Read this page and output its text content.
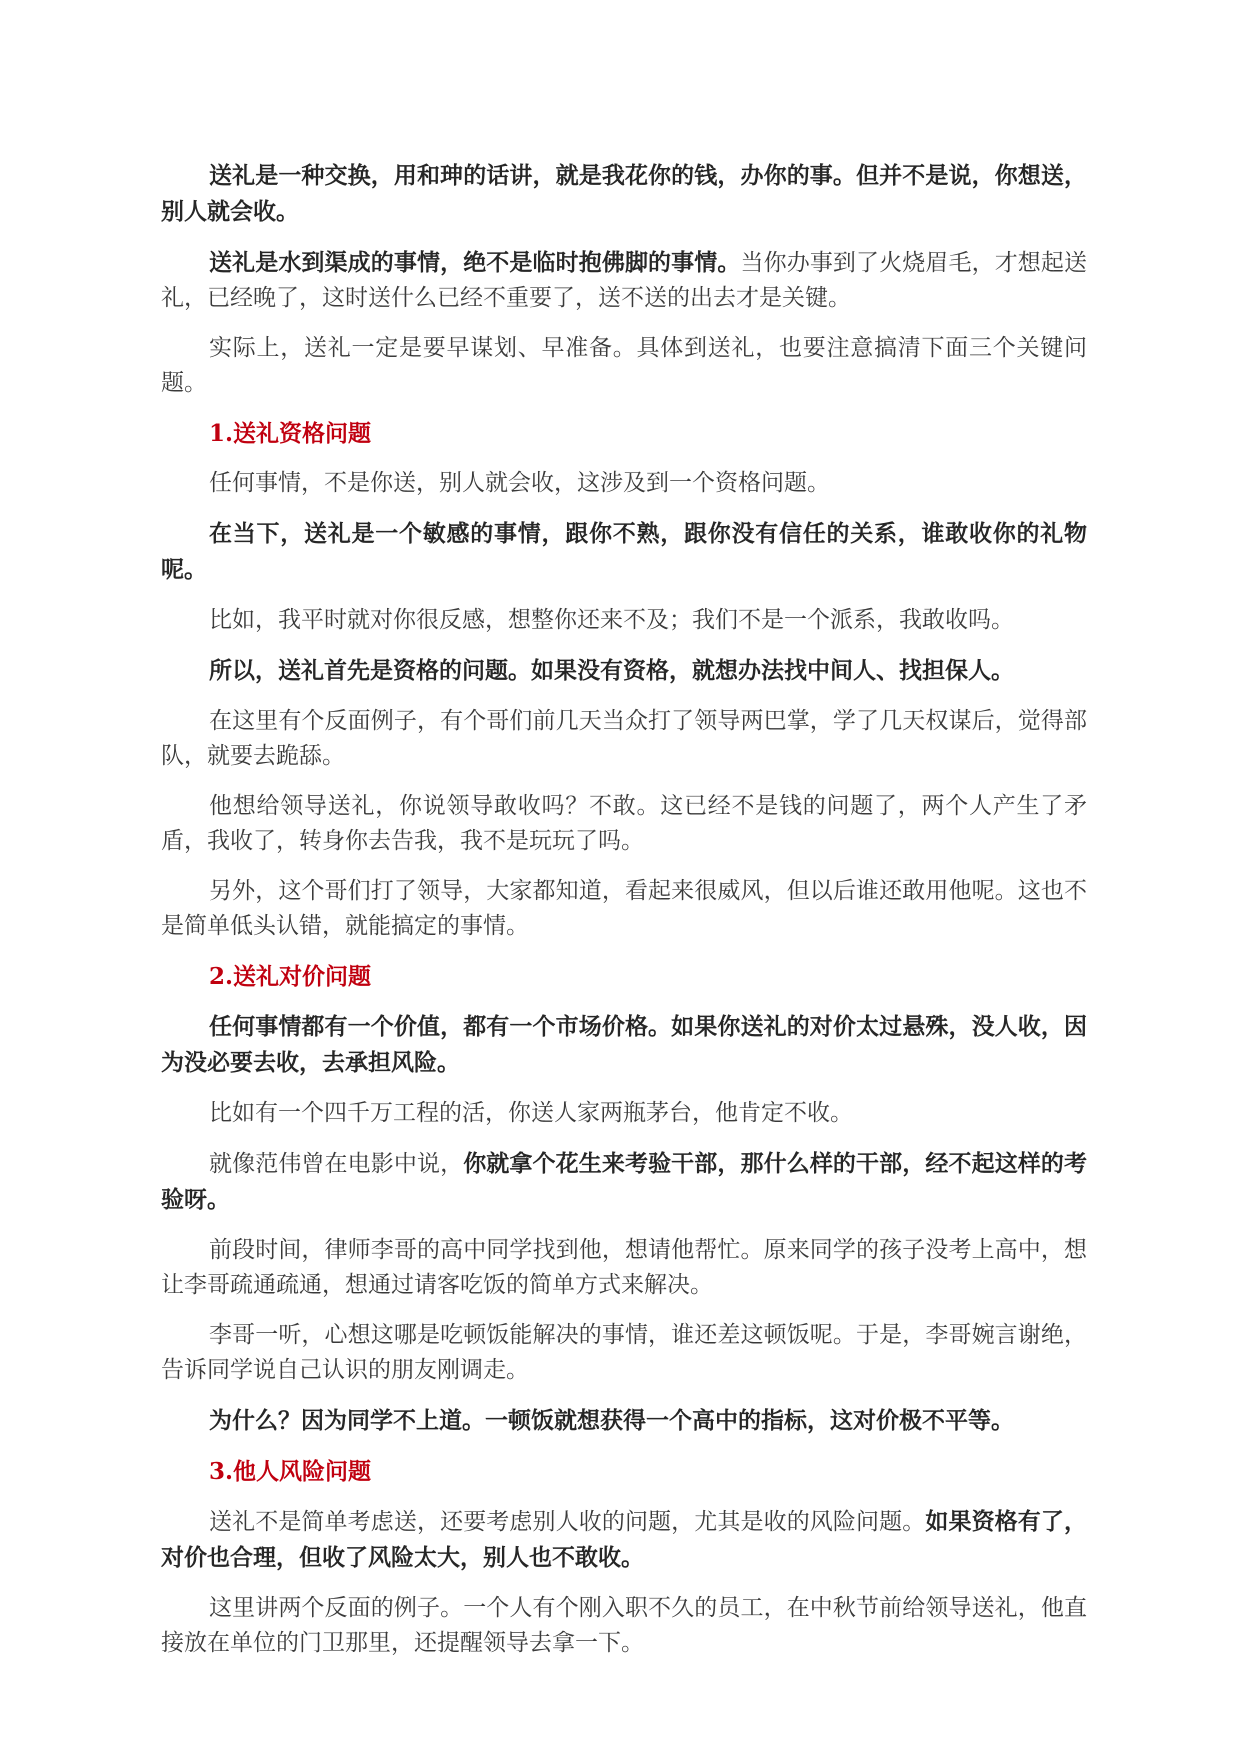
送礼是一种交换，用和珅的话讲，就是我花你的钱，办你的事。但并不是说，你想送，别人就会收。

送礼是水到渠成的事情，绝不是临时抱佛脚的事情。当你办事到了火烧眉毛，才想起送礼，已经晚了，这时送什么已经不重要了，送不送的出去才是关键。

实际上，送礼一定是要早谋划、早准备。具体到送礼，也要注意搞清下面三个关键问题。

1.送礼资格问题

任何事情，不是你送，别人就会收，这涉及到一个资格问题。

在当下，送礼是一个敏感的事情，跟你不熟，跟你没有信任的关系，谁敢收你的礼物呢。

比如，我平时就对你很反感，想整你还来不及；我们不是一个派系，我敢收吗。

所以，送礼首先是资格的问题。如果没有资格，就想办法找中间人、找担保人。

在这里有个反面例子，有个哥们前几天当众打了领导两巴掌，学了几天权谋后，觉得部队，就要去跪舔。

他想给领导送礼，你说领导敢收吗？不敢。这已经不是钱的问题了，两个人产生了矛盾，我收了，转身你去告我，我不是玩玩了吗。

另外，这个哥们打了领导，大家都知道，看起来很威风，但以后谁还敢用他呢。这也不是简单低头认错，就能搞定的事情。

2.送礼对价问题

任何事情都有一个价值，都有一个市场价格。如果你送礼的对价太过悬殊，没人收，因为没必要去收，去承担风险。

比如有一个四千万工程的活，你送人家两瓶茅台，他肯定不收。

就像范伟曾在电影中说，你就拿个花生来考验干部，那什么样的干部，经不起这样的考验呀。

前段时间，律师李哥的高中同学找到他，想请他帮忙。原来同学的孩子没考上高中，想让李哥疏通疏通，想通过请客吃饭的简单方式来解决。

李哥一听，心想这哪是吃顿饭能解决的事情，谁还差这顿饭呢。于是，李哥婉言谢绝，告诉同学说自己认识的朋友刚调走。

为什么？因为同学不上道。一顿饭就想获得一个高中的指标，这对价极不平等。

3.他人风险问题

送礼不是简单考虑送，还要考虑别人收的问题，尤其是收的风险问题。如果资格有了，对价也合理，但收了风险太大，别人也不敢收。

这里讲两个反面的例子。一个人有个刚入职不久的员工，在中秋节前给领导送礼，他直接放在单位的门卫那里，还提醒领导去拿一下。
